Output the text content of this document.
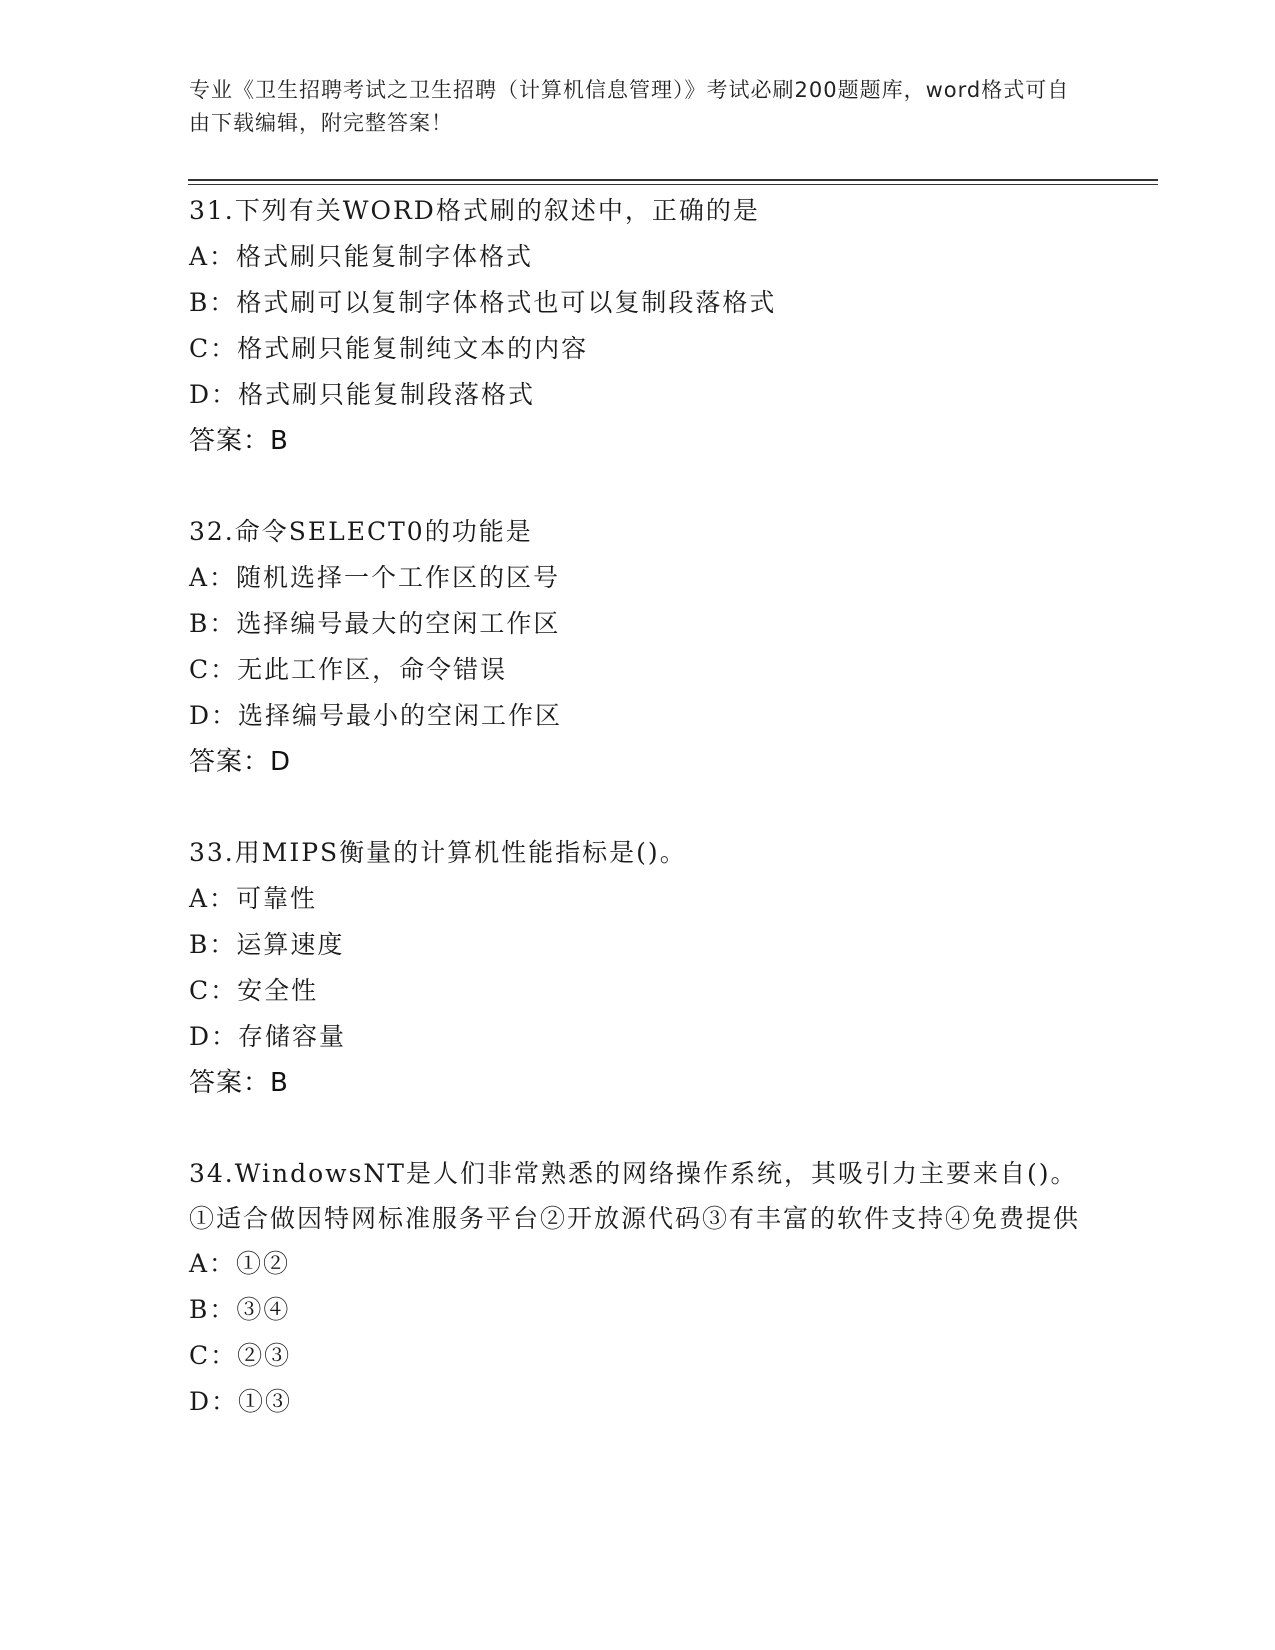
专业《卫生招聘考试之卫生招聘（计算机信息管理）》考试必刷200题题库，word格式可自由下载编辑，附完整答案！
31.下列有关WORD格式刷的叙述中，正确的是
A：格式刷只能复制字体格式
B：格式刷可以复制字体格式也可以复制段落格式
C：格式刷只能复制纯文本的内容
D：格式刷只能复制段落格式
答案：B
32.命令SELECT0的功能是
A：随机选择一个工作区的区号
B：选择编号最大的空闲工作区
C：无此工作区，命令错误
D：选择编号最小的空闲工作区
答案：D
33.用MIPS衡量的计算机性能指标是()。
A：可靠性
B：运算速度
C：安全性
D：存储容量
答案：B
34.WindowsNT是人们非常熟悉的网络操作系统，其吸引力主要来自()。①适合做因特网标准服务平台②开放源代码③有丰富的软件支持④免费提供
A：①②
B：③④
C：②③
D：①③
